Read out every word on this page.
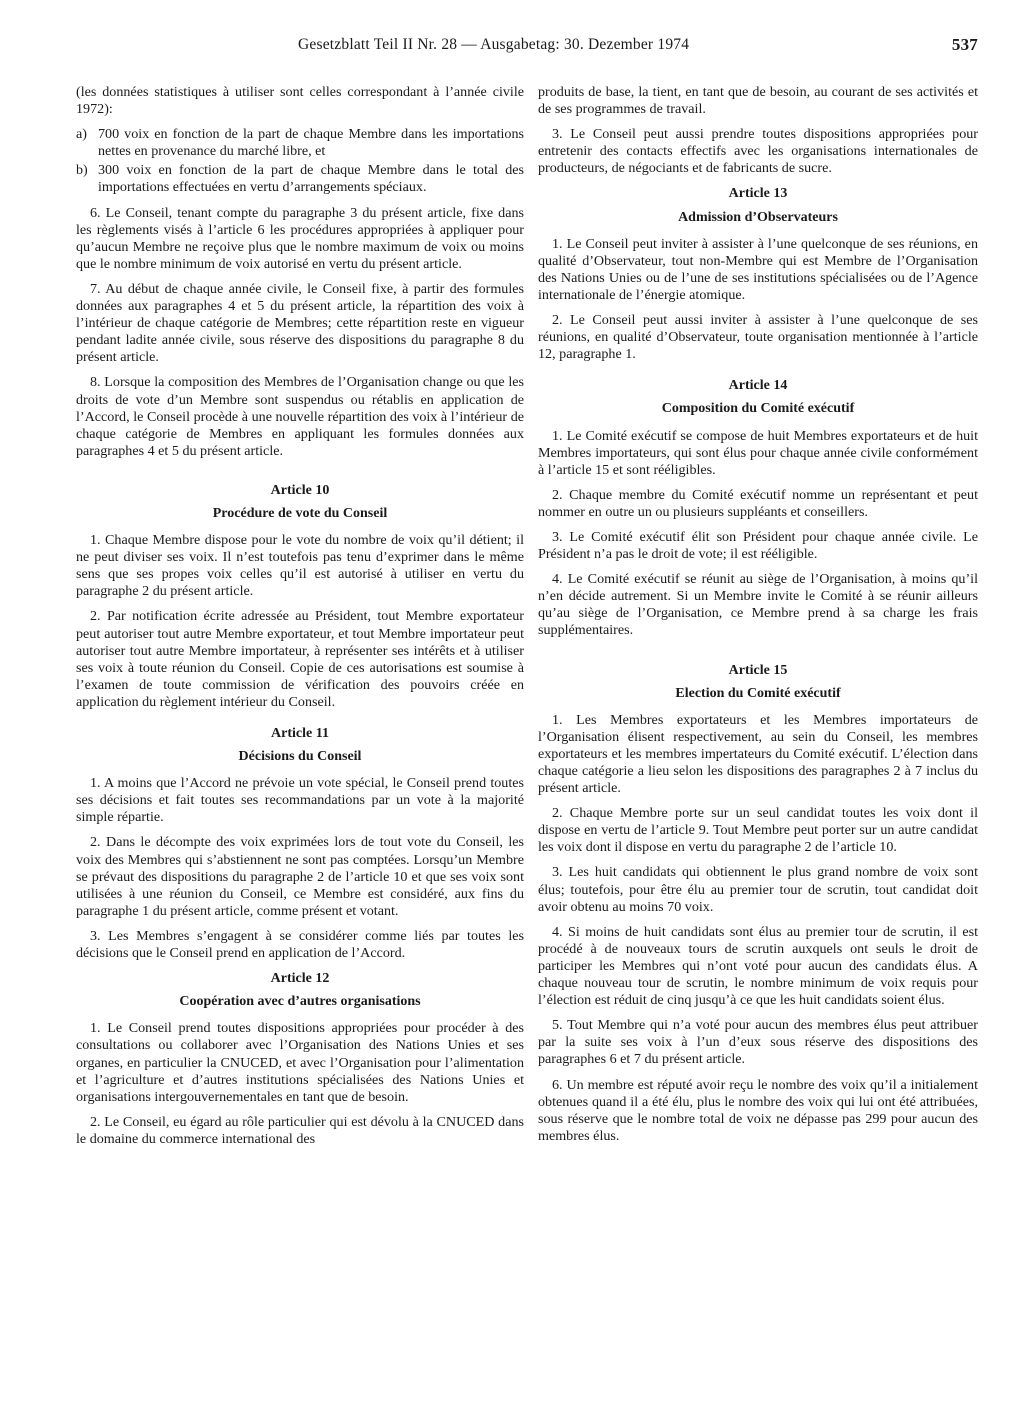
Gesetzblatt Teil II Nr. 28 — Ausgabetag: 30. Dezember 1974	537

(les données statistiques à utiliser sont celles correspondant à l’année civile 1972):

a) 700 voix en fonction de la part de chaque Membre dans les importations nettes en provenance du marché libre, et
b) 300 voix en fonction de la part de chaque Membre dans le total des importations effectuées en vertu d’arrangements spéciaux.

6. Le Conseil, tenant compte du paragraphe 3 du présent article, fixe dans les règlements visés à l’article 6 les procédures appropriées à appliquer pour qu’aucun Membre ne reçoive plus que le nombre maximum de voix ou moins que le nombre minimum de voix autorisé en vertu du présent article.

7. Au début de chaque année civile, le Conseil fixe, à partir des formules données aux paragraphes 4 et 5 du présent article, la répartition des voix à l’intérieur de chaque catégorie de Membres; cette répartition reste en vigueur pendant ladite année civile, sous réserve des dispositions du paragraphe 8 du présent article.

8. Lorsque la composition des Membres de l’Organisation change ou que les droits de vote d’un Membre sont suspendus ou rétablis en application de l’Accord, le Conseil procède à une nouvelle répartition des voix à l’intérieur de chaque catégorie de Membres en appliquant les formules données aux paragraphes 4 et 5 du présent article.

Article 10
Procédure de vote du Conseil

1. Chaque Membre dispose pour le vote du nombre de voix qu’il détient; il ne peut diviser ses voix. Il n’est toutefois pas tenu d’exprimer dans le même sens que ses propes voix celles qu’il est autorisé à utiliser en vertu du paragraphe 2 du présent article.

2. Par notification écrite adressée au Président, tout Membre exportateur peut autoriser tout autre Membre exportateur, et tout Membre importateur peut autoriser tout autre Membre importateur, à représenter ses intérêts et à utiliser ses voix à toute réunion du Conseil. Copie de ces autorisations est soumise à l’examen de toute commission de vérification des pouvoirs créée en application du règlement intérieur du Conseil.

Article 11
Décisions du Conseil

1. A moins que l’Accord ne prévoie un vote spécial, le Conseil prend toutes ses décisions et fait toutes ses recommandations par un vote à la majorité simple répartie.

2. Dans le décompte des voix exprimées lors de tout vote du Conseil, les voix des Membres qui s’abstiennent ne sont pas comptées. Lorsqu’un Membre se prévaut des dispositions du paragraphe 2 de l’article 10 et que ses voix sont utilisées à une réunion du Conseil, ce Membre est considéré, aux fins du paragraphe 1 du présent article, comme présent et votant.

3. Les Membres s’engagent à se considérer comme liés par toutes les décisions que le Conseil prend en application de l’Accord.

Article 12
Coopération avec d’autres organisations

1. Le Conseil prend toutes dispositions appropriées pour procéder à des consultations ou collaborer avec l’Organisation des Nations Unies et ses organes, en particulier la CNUCED, et avec l’Organisation pour l’alimentation et l’agriculture et d’autres institutions spécialisées des Nations Unies et organisations intergouvernementales en tant que de besoin.

2. Le Conseil, eu égard au rôle particulier qui est dévolu à la CNUCED dans le domaine du commerce international des

produits de base, la tient, en tant que de besoin, au courant de ses activités et de ses programmes de travail.

3. Le Conseil peut aussi prendre toutes dispositions appropriées pour entretenir des contacts effectifs avec les organisations internationales de producteurs, de négociants et de fabricants de sucre.

Article 13
Admission d’Observateurs

1. Le Conseil peut inviter à assister à l’une quelconque de ses réunions, en qualité d’Observateur, tout non-Membre qui est Membre de l’Organisation des Nations Unies ou de l’une de ses institutions spécialisées ou de l’Agence internationale de l’énergie atomique.

2. Le Conseil peut aussi inviter à assister à l’une quelconque de ses réunions, en qualité d’Observateur, toute organisation mentionnée à l’article 12, paragraphe 1.

Article 14
Composition du Comité exécutif

1. Le Comité exécutif se compose de huit Membres exportateurs et de huit Membres importateurs, qui sont élus pour chaque année civile conformément à l’article 15 et sont rééligibles.

2. Chaque membre du Comité exécutif nomme un représentant et peut nommer en outre un ou plusieurs suppléants et conseillers.

3. Le Comité exécutif élit son Président pour chaque année civile. Le Président n’a pas le droit de vote; il est rééligible.

4. Le Comité exécutif se réunit au siège de l’Organisation, à moins qu’il n’en décide autrement. Si un Membre invite le Comité à se réunir ailleurs qu’au siège de l’Organisation, ce Membre prend à sa charge les frais supplémentaires.

Article 15
Election du Comité exécutif

1. Les Membres exportateurs et les Membres importateurs de l’Organisation élisent respectivement, au sein du Conseil, les membres exportateurs et les membres impertateurs du Comité exécutif. L’élection dans chaque catégorie a lieu selon les dispositions des paragraphes 2 à 7 inclus du présent article.

2. Chaque Membre porte sur un seul candidat toutes les voix dont il dispose en vertu de l’article 9. Tout Membre peut porter sur un autre candidat les voix dont il dispose en vertu du paragraphe 2 de l’article 10.

3. Les huit candidats qui obtiennent le plus grand nombre de voix sont élus; toutefois, pour être élu au premier tour de scrutin, tout candidat doit avoir obtenu au moins 70 voix.

4. Si moins de huit candidats sont élus au premier tour de scrutin, il est procédé à de nouveaux tours de scrutin auxquels ont seuls le droit de participer les Membres qui n’ont voté pour aucun des candidats élus. A chaque nouveau tour de scrutin, le nombre minimum de voix requis pour l’élection est réduit de cinq jusqu’à ce que les huit candidats soient élus.

5. Tout Membre qui n’a voté pour aucun des membres élus peut attribuer par la suite ses voix à l’un d’eux sous réserve des dispositions des paragraphes 6 et 7 du présent article.

6. Un membre est réputé avoir reçu le nombre des voix qu’il a initialement obtenues quand il a été élu, plus le nombre des voix qui lui ont été attribuées, sous réserve que le nombre total de voix ne dépasse pas 299 pour aucun des membres élus.
